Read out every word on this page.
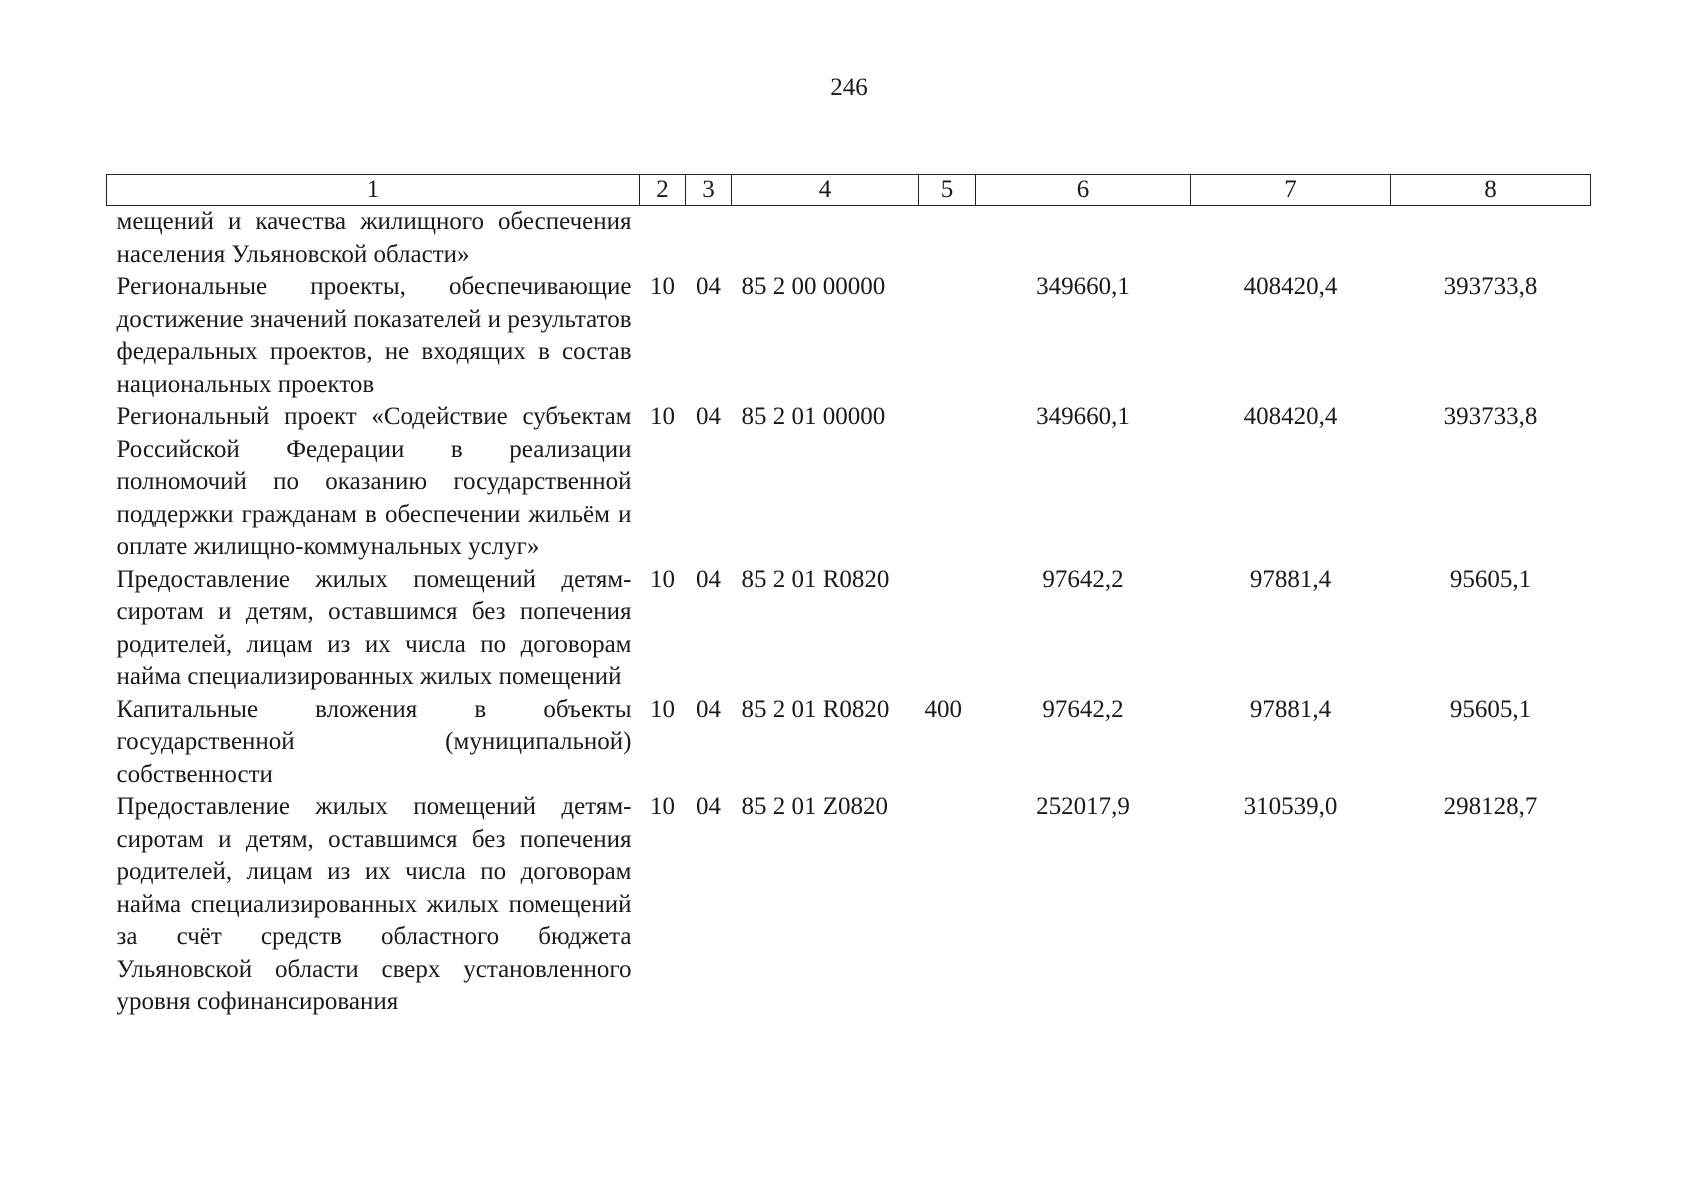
246
1	2	3	4	5	6	7	8
мещений и качества жилищного обеспечения населения Ульяновской области»							
Региональные проекты, обеспечивающие достижение значений показателей и результатов федеральных проектов, не входящих в состав национальных проектов	10	04	85 2 00 00000		349660,1	408420,4	393733,8
Региональный проект «Содействие субъектам Российской Федерации в реализации полномочий по оказанию государственной поддержки гражданам в обеспечении жильём и оплате жилищно-коммунальных услуг»	10	04	85 2 01 00000		349660,1	408420,4	393733,8
Предоставление жилых помещений детям-сиротам и детям, оставшимся без попечения родителей, лицам из их числа по договорам найма специализированных жилых помещений	10	04	85 2 01 R0820		97642,2	97881,4	95605,1
Капитальные вложения в объекты государственной (муниципальной) собственности	10	04	85 2 01 R0820	400	97642,2	97881,4	95605,1
Предоставление жилых помещений детям-сиротам и детям, оставшимся без попечения родителей, лицам из их числа по договорам найма специализированных жилых помещений за счёт средств областного бюджета Ульяновской области сверх установленного уровня софинансирования	10	04	85 2 01 Z0820		252017,9	310539,0	298128,7
